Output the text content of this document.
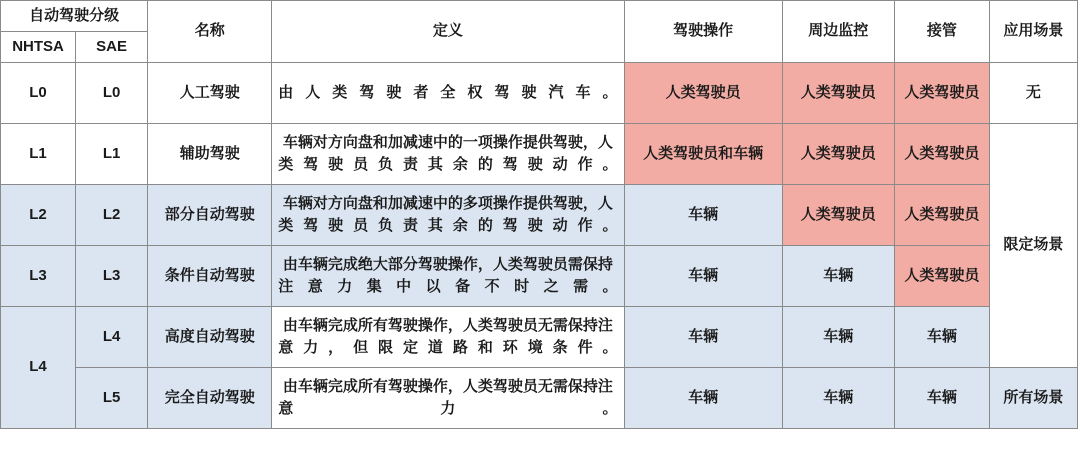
自动驾驶分级		名称	定义	驾驶操作	周边监控	接管	应用场景
NHTSA	SAE						
L0	L0	人工驾驶	由人类驾驶者全权驾驶汽车。	人类驾驶员	人类驾驶员	人类驾驶员	无
L1	L1	辅助驾驶	车辆对方向盘和加减速中的一项操作提供驾驶，人类驾驶员负责其余的驾驶动作。	人类驾驶员和车辆	人类驾驶员	人类驾驶员	限定场景
L2	L2	部分自动驾驶	车辆对方向盘和加减速中的多项操作提供驾驶，人类驾驶员负责其余的驾驶动作。	车辆	人类驾驶员	人类驾驶员	
L3	L3	条件自动驾驶	由车辆完成绝大部分驾驶操作，人类驾驶员需保持注意力集中以备不时之需。	车辆	车辆	人类驾驶员	
L4	L4	高度自动驾驶	由车辆完成所有驾驶操作，人类驾驶员无需保持注意力，但限定道路和环境条件。	车辆	车辆	车辆	
	L5	完全自动驾驶	由车辆完成所有驾驶操作，人类驾驶员无需保持注意力。	车辆	车辆	车辆	所有场景
